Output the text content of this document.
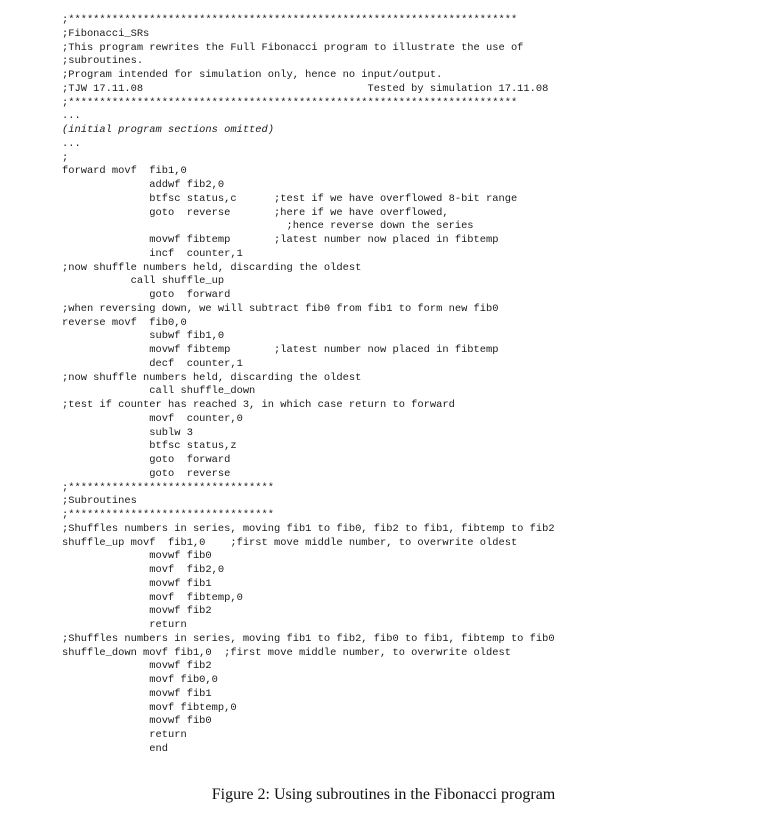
;************************************************************************
;Fibonacci_SRs
;This program rewrites the Full Fibonacci program to illustrate the use of
;subroutines.
;Program intended for simulation only, hence no input/output.
;TJW 17.11.08                                    Tested by simulation 17.11.08
;************************************************************************
...
(initial program sections omitted)
...
;
forward movf  fib1,0
addwf fib2,0
btfsc status,c      ;test if we have overflowed 8-bit range
goto  reverse       ;here if we have overflowed,
;hence reverse down the series
movwf fibtemp       ;latest number now placed in fibtemp
incf  counter,1
;now shuffle numbers held, discarding the oldest
call shuffle_up
goto  forward
;when reversing down, we will subtract fib0 from fib1 to form new fib0
reverse movf  fib0,0
subwf fib1,0
movwf fibtemp       ;latest number now placed in fibtemp
decf  counter,1
;now shuffle numbers held, discarding the oldest
call shuffle_down
;test if counter has reached 3, in which case return to forward
movf  counter,0
sublw 3
btfsc status,z
goto  forward
goto  reverse
;*********************************
;Subroutines
;*********************************
;Shuffles numbers in series, moving fib1 to fib0, fib2 to fib1, fibtemp to fib2
shuffle_up movf  fib1,0    ;first move middle number, to overwrite oldest
movwf fib0
movf  fib2,0
movwf fib1
movf  fibtemp,0
movwf fib2
return
;Shuffles numbers in series, moving fib1 to fib2, fib0 to fib1, fibtemp to fib0
shuffle_down movf fib1,0  ;first move middle number, to overwrite oldest
movwf fib2
movf fib0,0
movwf fib1
movf fibtemp,0
movwf fib0
return
end
Figure 2: Using subroutines in the Fibonacci program
